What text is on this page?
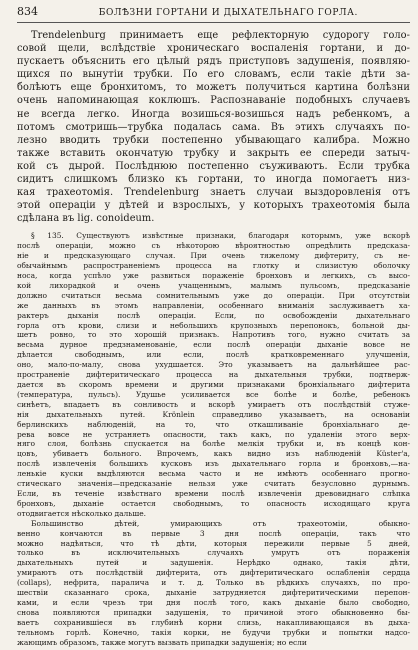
834	БОЛѢЗНИ ГОРТАНИ И ДЫХАТЕЛЬНАГО ГОРЛА.
Trendelenburg принимаетъ еще рефлекторную судорогу голо-
совой щели, вслѣдствіе хроническаго воспаленія гортани, и до-
пускаетъ объяснить его цѣлый рядъ приступовъ задушенія, появляю-
щихся по вынутіи трубки. По его словамъ, если такіе дѣти за-
болѣютъ еще бронхитомъ, то можетъ получиться картина болѣзни
очень напоминающая коклюшъ. Распознаваніе подобныхъ случаевъ
не всегда легко. Иногда возишься-возишься надъ ребенкомъ, а
потомъ смотришь—трубка подалась сама. Въ этихъ случаяхъ по-
лезно вводить трубки постепенно убывающаго калибра. Можно
также вставить окончатую трубку и закрыть ее спереди затыч-
кой съ дырой. Послѣднюю постепенно съуживаютъ. Если трубка
сидитъ слишкомъ близко къ гортани, то иногда помогаетъ низ-
кая трахеотомія. Trendelenburg знаетъ случаи выздоровленія отъ
этой операціи у дѣтей и взрослыхъ, у которыхъ трахеотомія была
сдѣлана въ lig. conoideum.
§ 135. Существуютъ извѣстные признаки, благодаря которымъ, уже вскорѣ
послѣ операціи, можно съ нѣкоторою вѣроятностью опредѣлить предсказа-
ніе и предсказующаго случая. При очень тяжелому дифтериту, съ не-
обычайнымъ распространеніемъ процесса на глотку и слизистую оболочку
носа, когда успѣло уже развиться пораженіе бронховъ и легкихъ, съ высо-
кой лихорадкой и очень учащеннымъ, малымъ пульсомъ, предсказаніе
должно считаться весьма сомнительнымъ уже до операціи. При отсутствіи
же данныхъ въ этомъ направленіи, особеннаго вниманія заслуживаетъ ха-
рактеръ дыханія послѣ операціи. Если, по освобожденіи дыхательнаго
горла отъ крови, слизи и небольшихъ крупозныхъ перепонокъ, больной ды-
шетъ ровно, то это хорошій признакъ. Напротивъ того, нужно считать за
весьма дурное предзнаменованіе, если послѣ операціи дыханіе вовсе не
дѣлается свободнымъ, или если, послѣ кратковременнаго улучшенія,
оно, мало-по-малу, снова ухудшается. Это указываетъ на дальнѣйшее рас-
пространеніе дифтеритическаго процесса на дыхательныя трубки, подтверж-
дается въ скоромъ времени и другими признаками бронхіальнаго дифтерита
(температура, пульсъ). Удушье усиливается все болѣе и болѣе, ребенокъ
синѣетъ, впадаетъ въ сонливость и вскорѣ умираетъ отъ послѣдствій стуже-
нія дыхательныхъ путей. Krönlein справедливо указываетъ, на основаніи
берлинскихъ наблюденій, на то, что откашливаніе бронхіальнаго де-
рева вовсе не устраняетъ опасности, такъ какъ, по удаленіи этого верх-
няго слоя, болѣзнь спускается на болѣе мелкія трубки и, въ концѣ кон-
цовъ, убиваетъ больного. Впрочемъ, какъ видно изъ наблюденій Küster'а,
послѣ извлеченія большихъ кусковъ изъ дыхательнаго горла и бронховъ,—на-
ленькіе куски выдѣляются весьма часто и не имѣютъ особеннаго прогно-
стическаго значенія—предсказаніе нельзя уже считать безусловно дурнымъ.
Если, въ теченіе извѣстнаго времени послѣ извлеченія древовиднаго слѣпка
бронховъ, дыханіе остается свободнымъ, то опасность исходящаго круга
отодвигается нѣсколько дальше.
Большинство дѣтей, умирающихъ отъ трахеотоміи, обыкно-
венно кончаются въ первые 3 дня послѣ операціи, такъ что
можно надѣяться, что тѣ дѣти, которыя пережили первые 5 дней,
только въ исключительныхъ случаяхъ умрутъ отъ пораженія
дыхательныхъ путей и задушенія. Нерѣдко однако, такія дѣти,
умираютъ отъ послѣдствій дифтерита, отъ дифтеритическаго ослабленія сердца
(collaps), нефрита, паралича и т. д. Только въ рѣдкихъ случаяхъ, по про-
шествіи сказаннаго срока, дыханіе затрудняется дифтеритическими перепон-
ками, и если чрезъ три дня послѣ того, какъ дыханіе было свободно,
снова появляются припадки задушенія, то причиной этого обыкновенно бы-
ваетъ сохранившіеся въ глубинѣ корни слизь, накапливающаяся въ дыха-
тельномъ горлѣ. Конечно, такія корки, не будучи трубки и попытки надсо-
жающимъ образомъ, также могутъ вызвать припадки задушенія; но если
